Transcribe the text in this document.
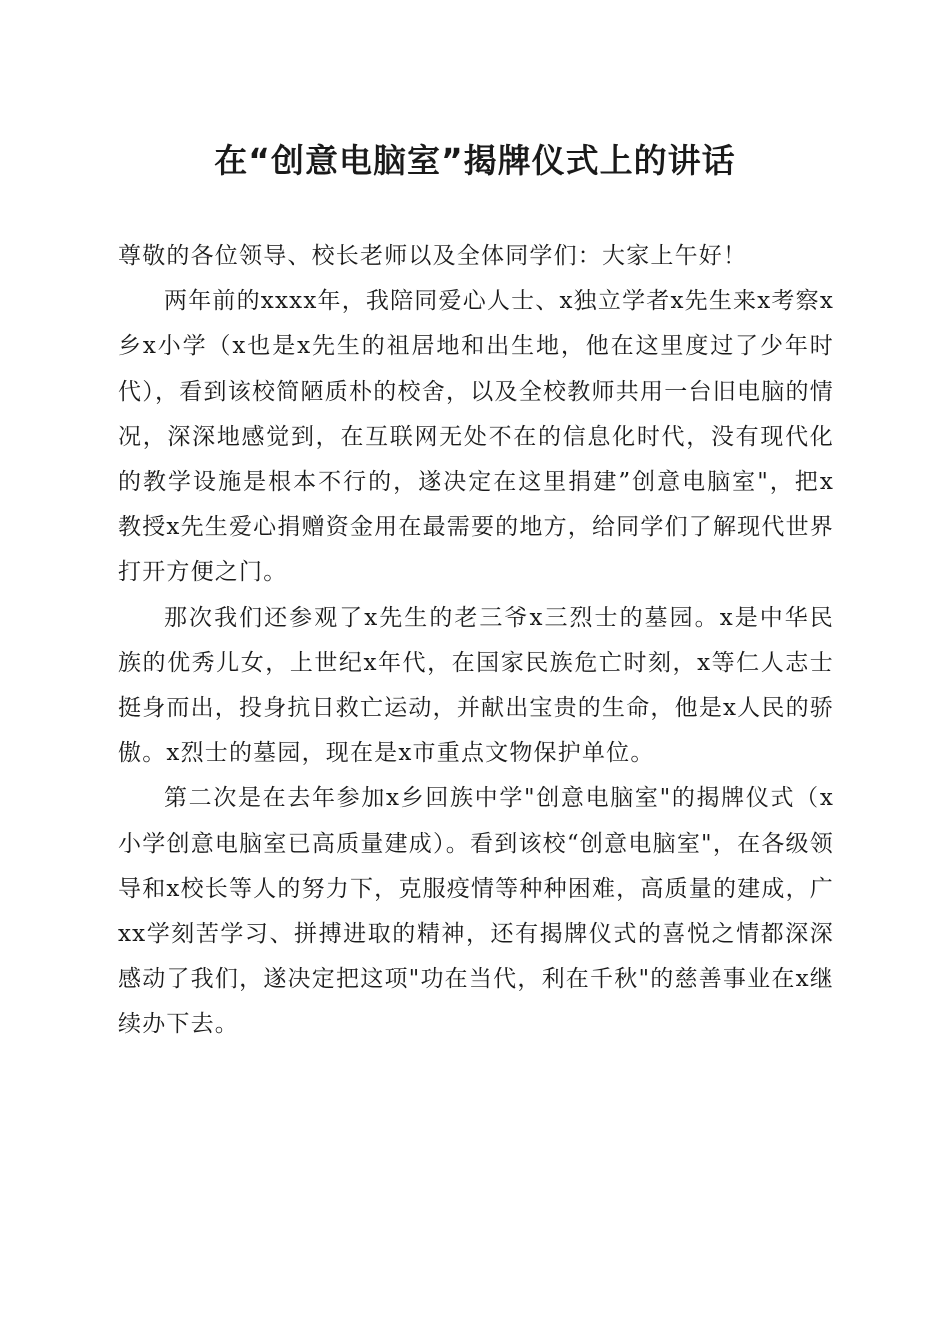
在“创意电脑室”揭牌仪式上的讲话

尊敬的各位领导、校长老师以及全体同学们：大家上午好！

两年前的xxxx年，我陪同爱心人士、x独立学者x先生来x考察x乡x小学（x也是x先生的祖居地和出生地，他在这里度过了少年时代），看到该校简陋质朴的校舍，以及全校教师共用一台旧电脑的情况，深深地感觉到，在互联网无处不在的信息化时代，没有现代化的教学设施是根本不行的，遂决定在这里捐建”创意电脑室"，把x教授x先生爱心捐赠资金用在最需要的地方，给同学们了解现代世界打开方便之门。

那次我们还参观了x先生的老三爷x三烈士的墓园。x是中华民族的优秀儿女，上世纪x年代，在国家民族危亡时刻，x等仁人志士挺身而出，投身抗日救亡运动，并献出宝贵的生命，他是x人民的骄傲。x烈士的墓园，现在是x市重点文物保护单位。

第二次是在去年参加x乡回族中学"创意电脑室"的揭牌仪式（x小学创意电脑室已高质量建成）。看到该校“创意电脑室"，在各级领导和x校长等人的努力下，克服疫情等种种困难，高质量的建成，广xx学刻苦学习、拼搏进取的精神，还有揭牌仪式的喜悦之情都深深感动了我们，遂决定把这项"功在当代，利在千秋"的慈善事业在x继续办下去。
